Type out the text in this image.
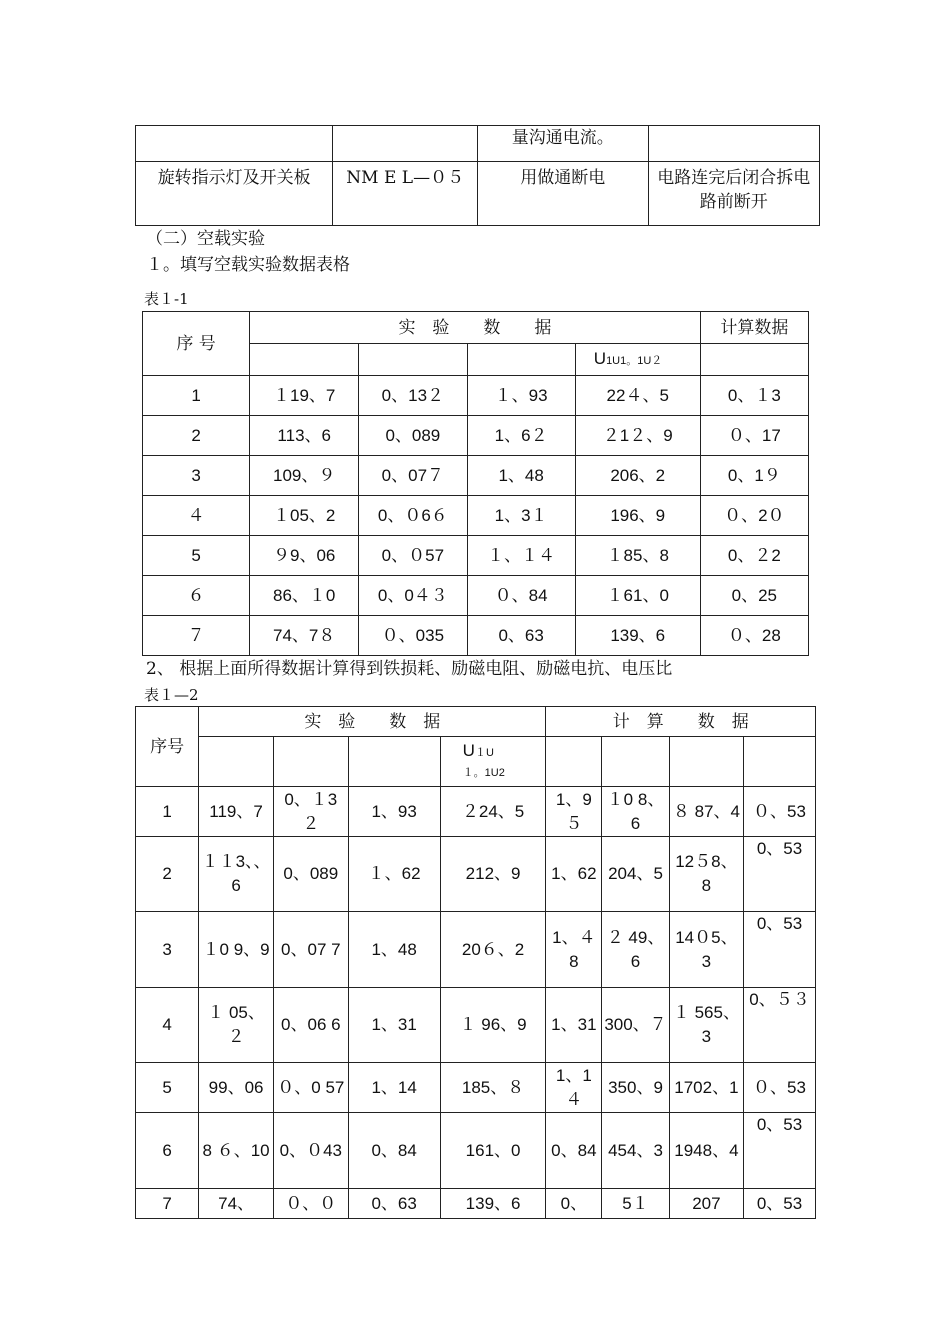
		量沟通电流。	
旋转指示灯及开关板	NM E L—０５	用做通断电	电路连完后闭合拆电路前断开
（二）空载实验
１。填写空载实验数据表格
表１-1
序 号	实　验　　数　　据				计算数据
				U1U1。1U２	
1	１19、7	0、13２	１、93	22４、5	0、１3
2	113、6	0、089	1、6２	２1２、9	０、17
3	109、９	0、07７	1、48	206、2	0、1９
４	１05、2	0、０6６	1、3１	196、9	０、2０
5	９9、06	0、０57	１、１４	１85、8	0、２2
６	86、１0	0、0４３	０、84	１61、0	0、25
７	74、7８	０、035	0、63	139、6	０、28
2、 根据上面所得数据计算得到铁损耗、励磁电阻、励磁电抗、电压比
表１—2
序号	实　验　　数　据				计　算　　数　据			
				U１U
１。1U2				
1	119、7	0、１3２	1、93	２24、5	1、9５	１0 8、6	８ 87、4	０、53
2	１１3、、6	0、089	１、62	212、9	1、62	204、5	12５8、8	0、53
3	１0 9、9	0、07 7	1、48	20６、2	1、４8	２ 49、6	14０5、3	0、53
4	１ 05、２	0、06 6	1、31	１ 96、9	1、31	300、７	１ 565、3	0、５３
5	99、06	０、0 57	1、14	185、８	1、1４	350、9	1702、1	０、53
6	8 ６、10	0、０43	0、84	161、0	0、84	454、3	1948、4	0、53
7	74、	０、０	0、63	139、6	0、	5１	207	0、53
